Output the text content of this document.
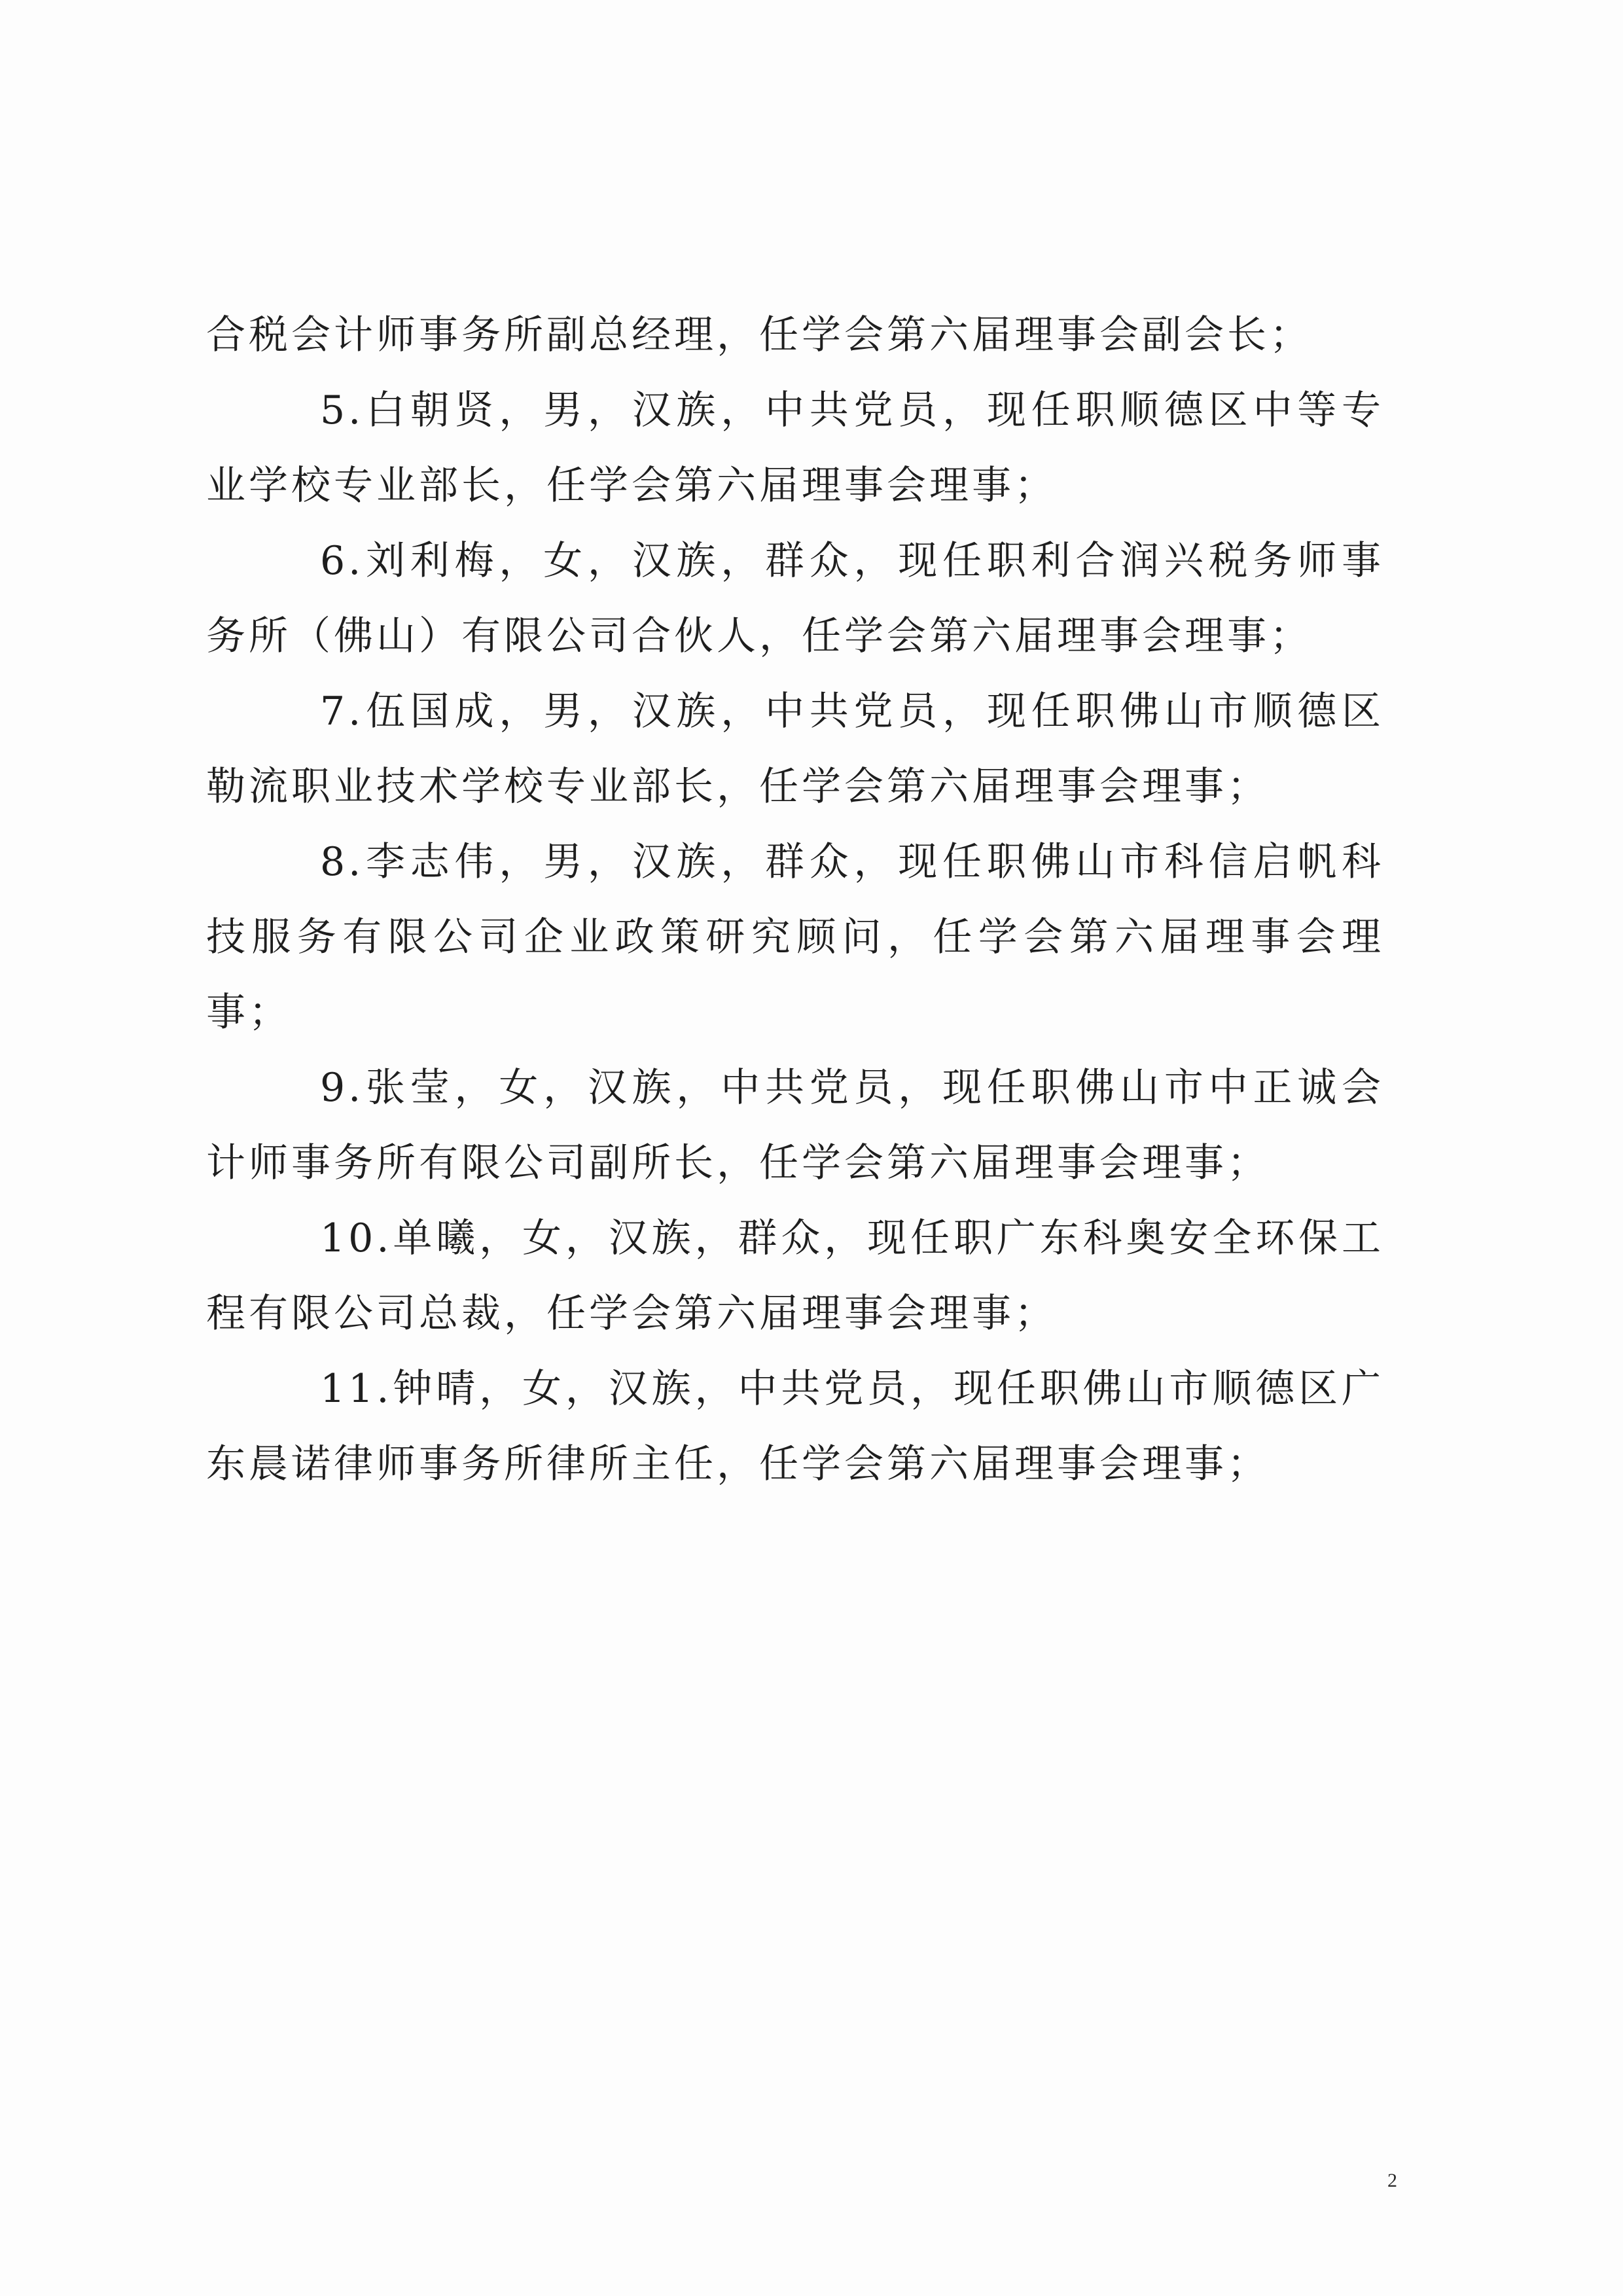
合税会计师事务所副总经理，任学会第六届理事会副会长；

5.白朝贤，男，汉族，中共党员，现任职顺德区中等专业学校专业部长，任学会第六届理事会理事；

6.刘利梅，女，汉族，群众，现任职利合润兴税务师事务所（佛山）有限公司合伙人，任学会第六届理事会理事；

7.伍国成，男，汉族，中共党员，现任职佛山市顺德区勒流职业技术学校专业部长，任学会第六届理事会理事；

8.李志伟，男，汉族，群众，现任职佛山市科信启帆科技服务有限公司企业政策研究顾问，任学会第六届理事会理事；

9.张莹，女，汉族，中共党员，现任职佛山市中正诚会计师事务所有限公司副所长，任学会第六届理事会理事；

10.单曦，女，汉族，群众，现任职广东科奥安全环保工程有限公司总裁，任学会第六届理事会理事；

11.钟晴，女，汉族，中共党员，现任职佛山市顺德区广东晨诺律师事务所律所主任，任学会第六届理事会理事；

2
